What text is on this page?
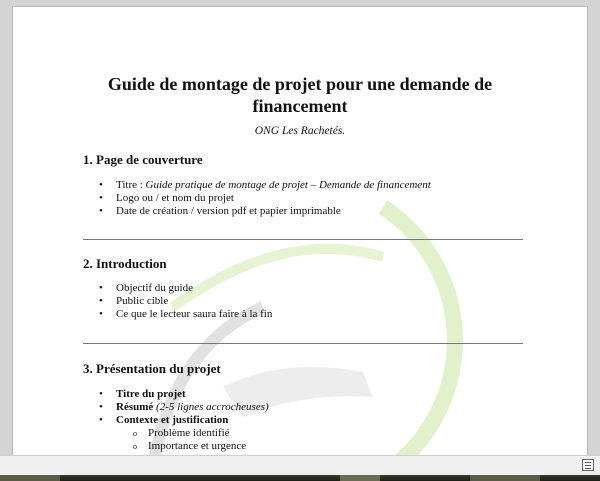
Guide de montage de projet pour une demande de financement
ONG Les Rachetés.
1. Page de couverture
• Titre : Guide pratique de montage de projet – Demande de financement
• Logo ou / et nom du projet
• Date de création / version pdf et papier imprimable
2. Introduction
• Objectif du guide
• Public cible
• Ce que le lecteur saura faire à la fin
3. Présentation du projet
• Titre du projet
• Résumé (2-5 lignes accrocheuses)
• Contexte et justification
o Problème identifié
o Importance et urgence
